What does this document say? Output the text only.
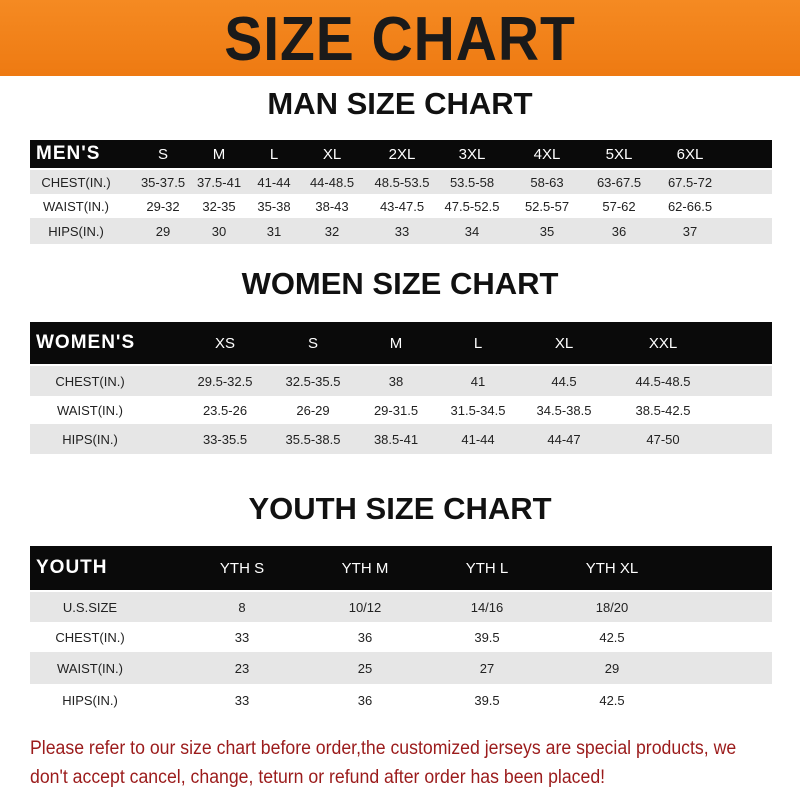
SIZE CHART
MAN SIZE CHART
MEN'S	S	M	L	XL	2XL	3XL	4XL	5XL	6XL
CHEST(IN.) 35-37.5 37.5-41 41-44 44-48.5 48.5-53.5 53.5-58	58-63	63-67.5 67.5-72
WAIST(IN.)	29-32 32-35 35-38 38-43 43-47.5 47.5-52.5 52.5-57	57-62 62-66.5
HIPS(IN.)	29	30	31	32	33	34	35	36	37
WOMEN SIZE CHART
WOMEN'S	XS	S	M	L	XL	XXL
CHEST(IN.)	29.5-32.5	32.5-35.5	38	41	44.5	44.5-48.5
WAIST(IN.)	23.5-26	26-29	29-31.5 31.5-34.5 34.5-38.5	38.5-42.5
HIPS(IN.)	33-35.5	35.5-38.5	38.5-41	41-44	44-47	47-50
YOUTH SIZE CHART
YOUTH	YTH S	YTH M	YTH L	YTH XL
U.S.SIZE	8	10/12	14/16	18/20
CHEST(IN.)	33	36	39.5	42.5
WAIST(IN.)	23	25	27	29
HIPS(IN.)	33	36	39.5	42.5
Please refer to our size chart before order,the customized jerseys are special products, we don't accept cancel, change, teturn or refund after order has been placed!
